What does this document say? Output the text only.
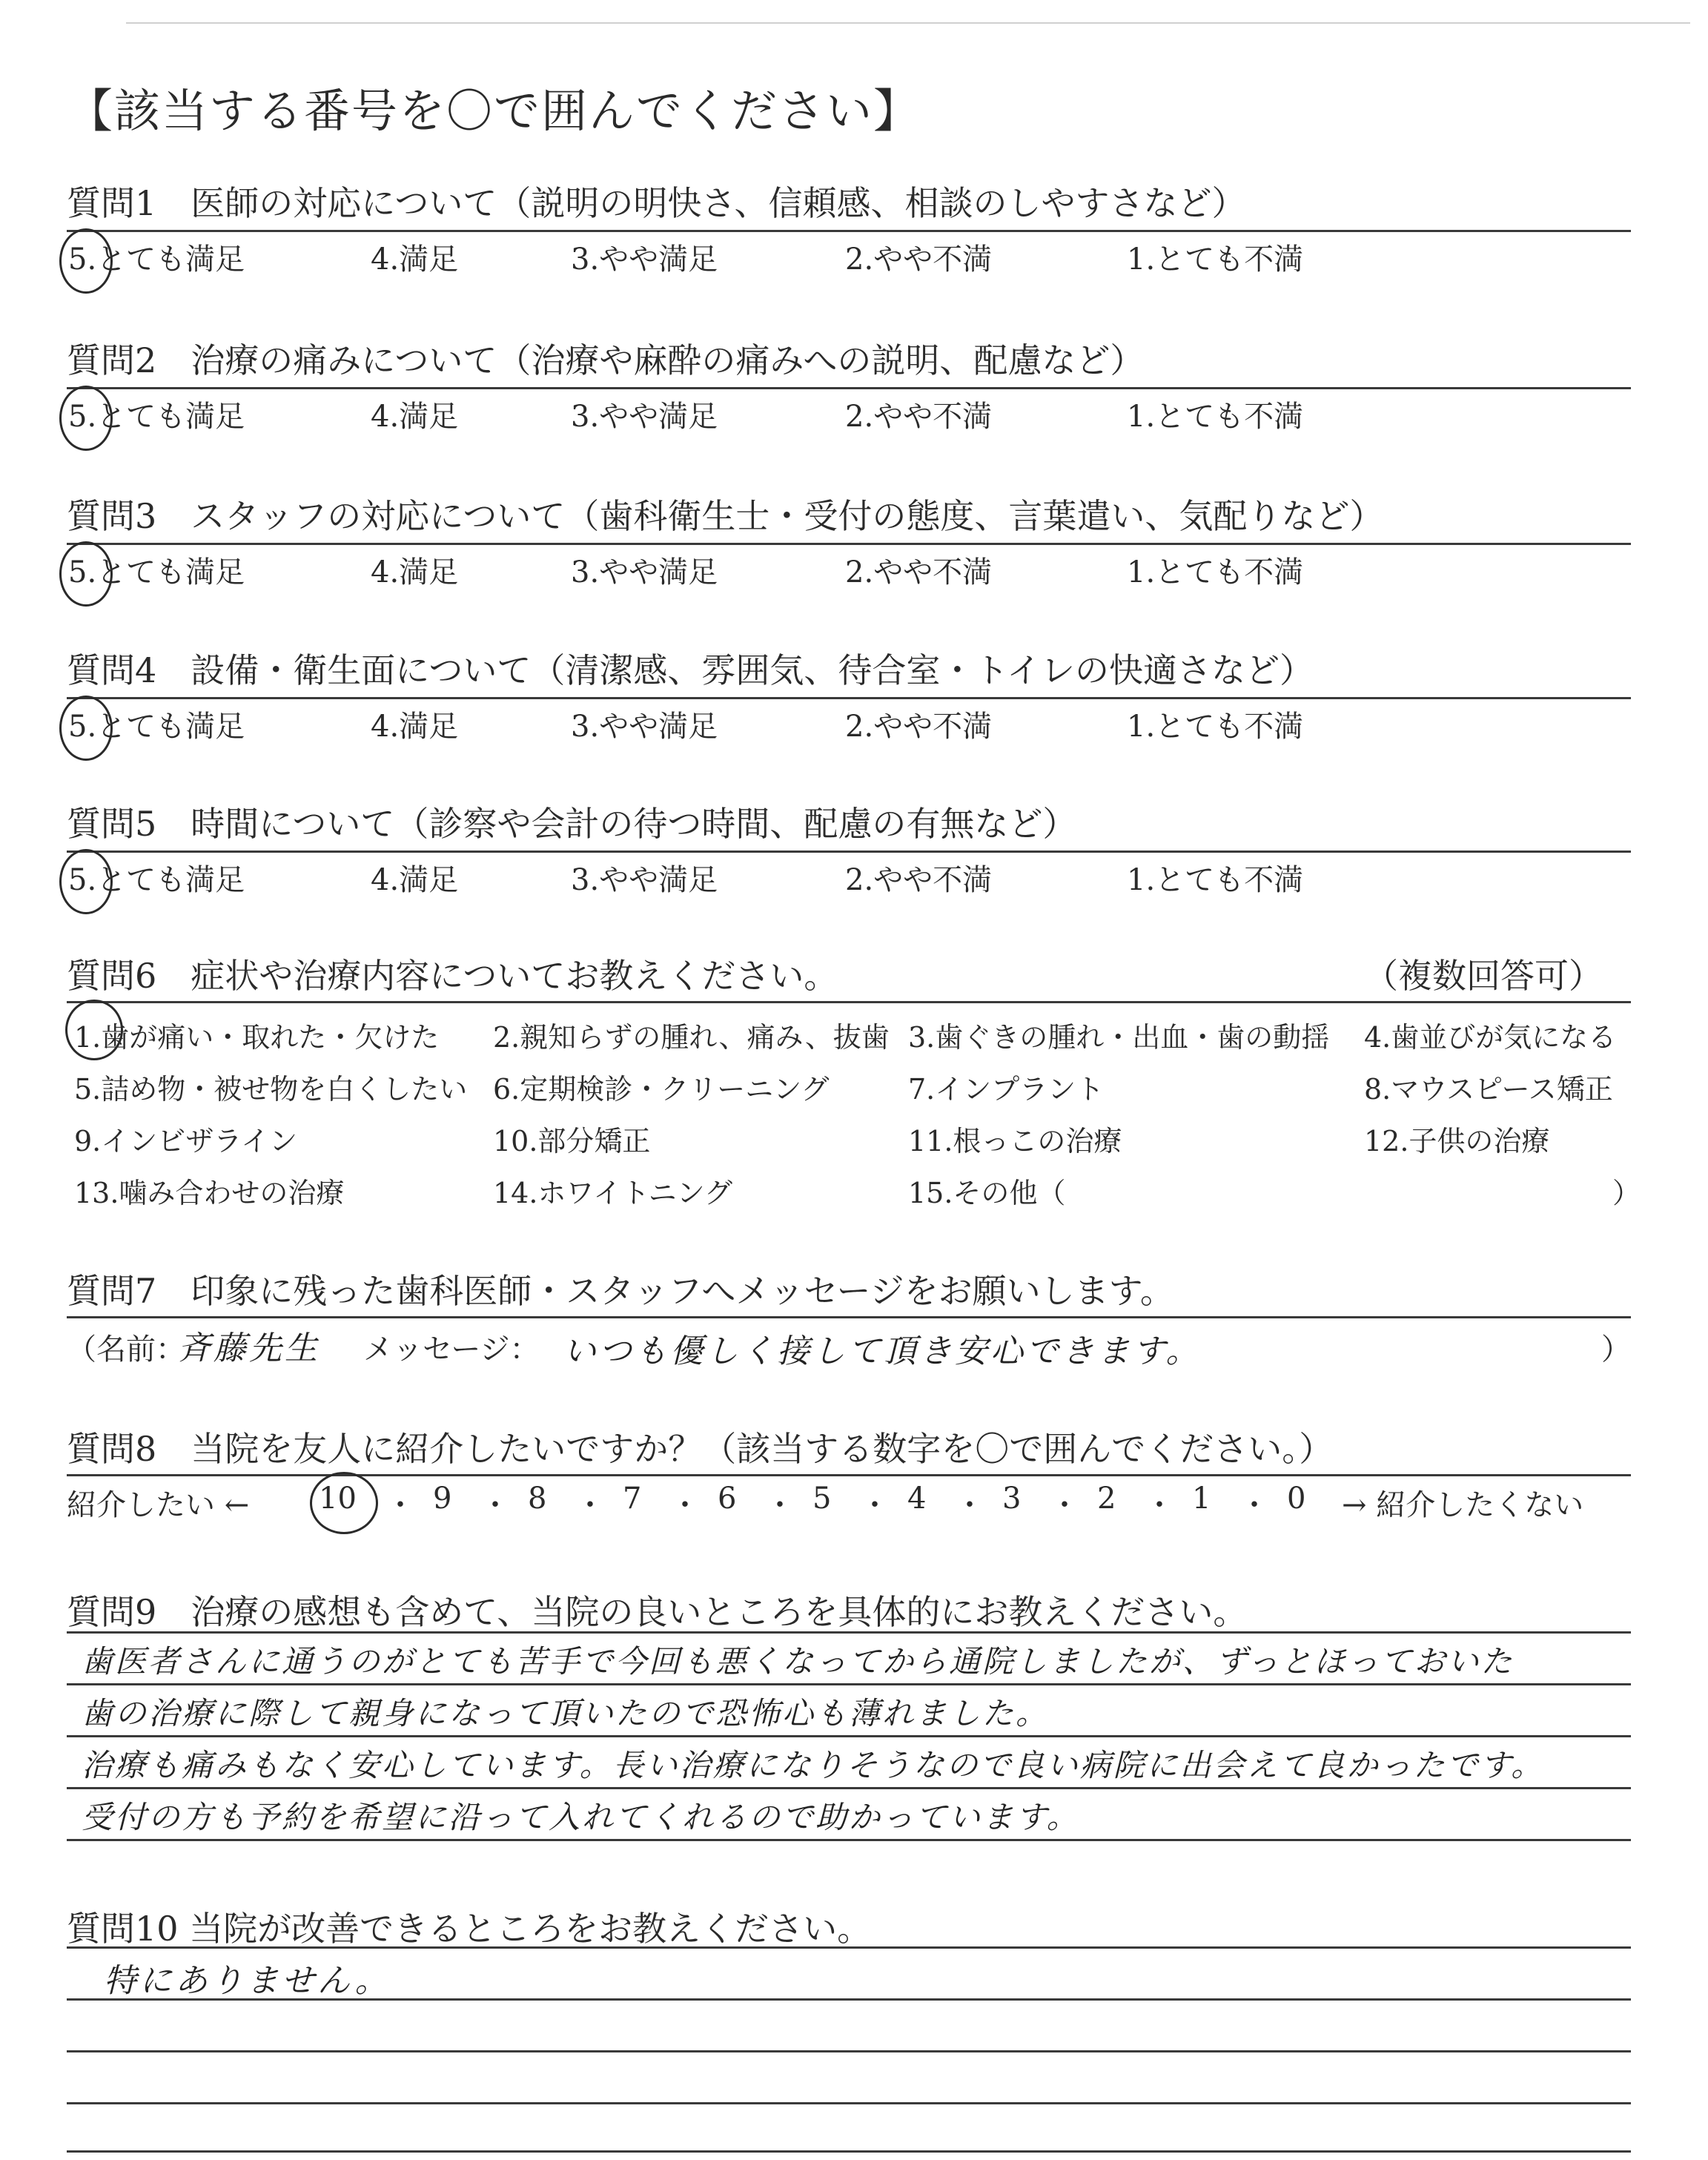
【該当する番号を〇で囲んでください】
質問1　医師の対応について（説明の明快さ、信頼感、相談のしやすさなど）
5.とても満足	4.満足	3.やや満足	2.やや不満	1.とても不満
質問2　治療の痛みについて（治療や麻酔の痛みへの説明、配慮など）
5.とても満足	4.満足	3.やや満足	2.やや不満	1.とても不満
質問3　スタッフの対応について（歯科衛生士・受付の態度、言葉遣い、気配りなど）
5.とても満足	4.満足	3.やや満足	2.やや不満	1.とても不満
質問4　設備・衛生面について（清潔感、雰囲気、待合室・トイレの快適さなど）
5.とても満足	4.満足	3.やや満足	2.やや不満	1.とても不満
質問5　時間について（診察や会計の待つ時間、配慮の有無など）
5.とても満足	4.満足	3.やや満足	2.やや不満	1.とても不満
質問6　症状や治療内容についてお教えください。	（複数回答可）
1.歯が痛い・取れた・欠けた 2.親知らずの腫れ、痛み、抜歯 3.歯ぐきの腫れ・出血・歯の動揺 4.歯並びが気になる
5.詰め物・被せ物を白くしたい 6.定期検診・クリーニング	7.インプラント	8.マウスピース矯正
9.インビザライン	10.部分矯正	11.根っこの治療	12.子供の治療
13.噛み合わせの治療	14.ホワイトニング	15.その他（	）
質問7　印象に残った歯科医師・スタッフへメッセージをお願いします。
（名前：
斉藤先生 メッセージ： いつも優しく接して頂き安心できます。	）
質問8　当院を友人に紹介したいですか？（該当する数字を〇で囲んでください。）
紹介したい ← 10 ・ 9 ・ 8 ・ 7 ・ 6 ・ 5 ・ 4 ・ 3 ・ 2 ・ 1 ・ 0 → 紹介したくない
質問9　治療の感想も含めて、当院の良いところを具体的にお教えください。
歯医者さんに通うのがとても苦手で今回も悪くなってから通院しましたが、ずっとほっておいた
歯の治療に際して親身になって頂いたので恐怖心も薄れました。
治療も痛みもなく安心しています。長い治療になりそうなので良い病院に出会えて良かったです。
受付の方も予約を希望に沿って入れてくれるので助かっています。
質問10 当院が改善できるところをお教えください。
特にありません。
